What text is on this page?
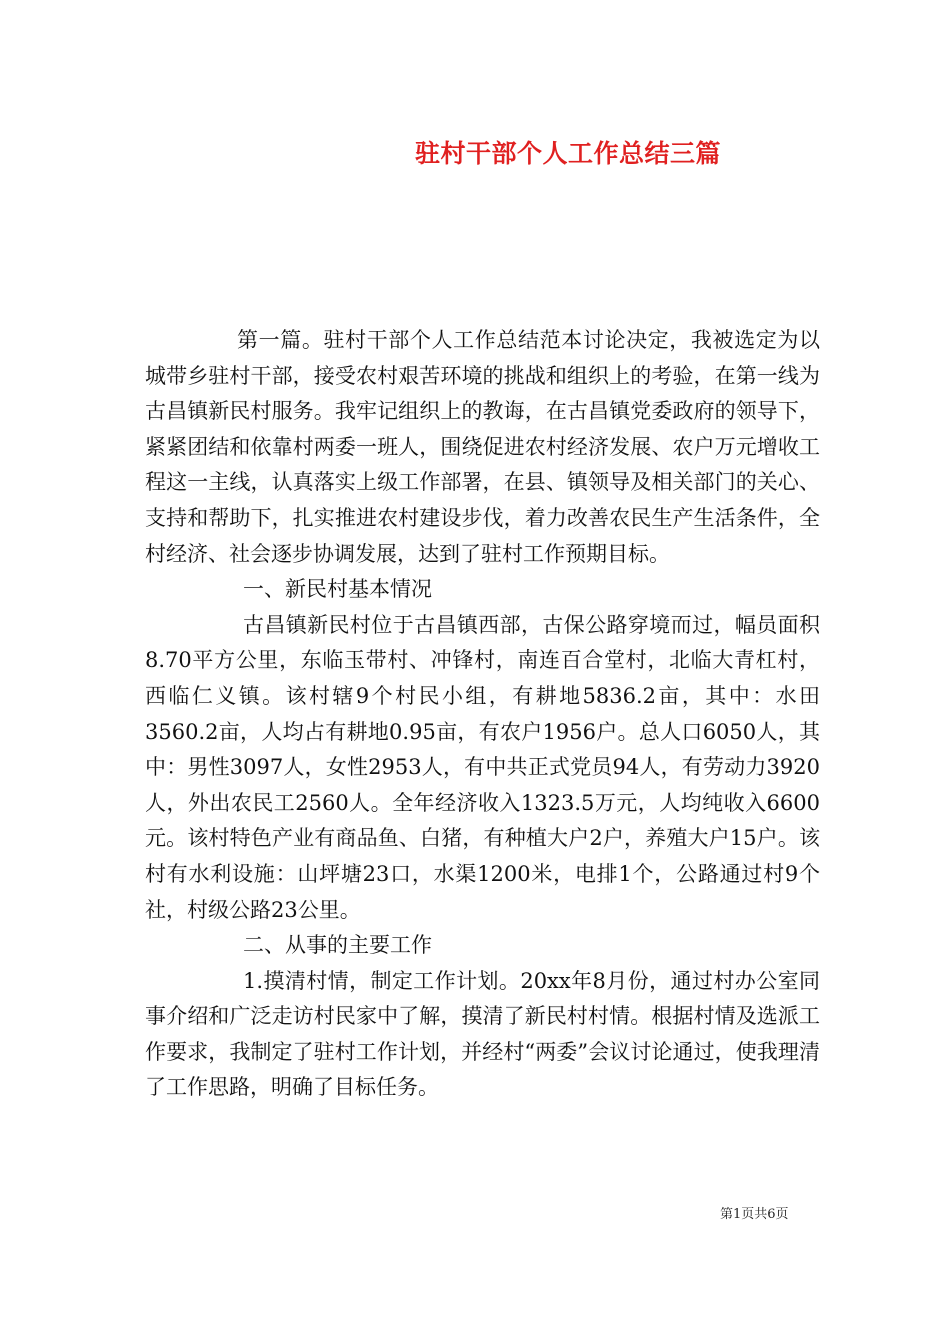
驻村干部个人工作总结三篇

第一篇。驻村干部个人工作总结范本讨论决定，我被选定为以城带乡驻村干部，接受农村艰苦环境的挑战和组织上的考验，在第一线为古昌镇新民村服务。我牢记组织上的教诲，在古昌镇党委政府的领导下，紧紧团结和依靠村两委一班人，围绕促进农村经济发展、农户万元增收工程这一主线，认真落实上级工作部署，在县、镇领导及相关部门的关心、支持和帮助下，扎实推进农村建设步伐，着力改善农民生产生活条件，全村经济、社会逐步协调发展，达到了驻村工作预期目标。

一、新民村基本情况

古昌镇新民村位于古昌镇西部，古保公路穿境而过，幅员面积8.70平方公里，东临玉带村、冲锋村，南连百合堂村，北临大青杠村，西临仁义镇。该村辖9个村民小组，有耕地5836.2亩，其中：水田3560.2亩，人均占有耕地0.95亩，有农户1956户。总人口6050人，其中：男性3097人，女性2953人，有中共正式党员94人，有劳动力3920人，外出农民工2560人。全年经济收入1323.5万元，人均纯收入6600元。该村特色产业有商品鱼、白猪，有种植大户2户，养殖大户15户。该村有水利设施：山坪塘23口，水渠1200米，电排1个，公路通过村9个社，村级公路23公里。

二、从事的主要工作

1.摸清村情，制定工作计划。20xx年8月份，通过村办公室同事介绍和广泛走访村民家中了解，摸清了新民村村情。根据村情及选派工作要求，我制定了驻村工作计划，并经村“两委”会议讨论通过，使我理清了工作思路，明确了目标任务。

第1页共6页
